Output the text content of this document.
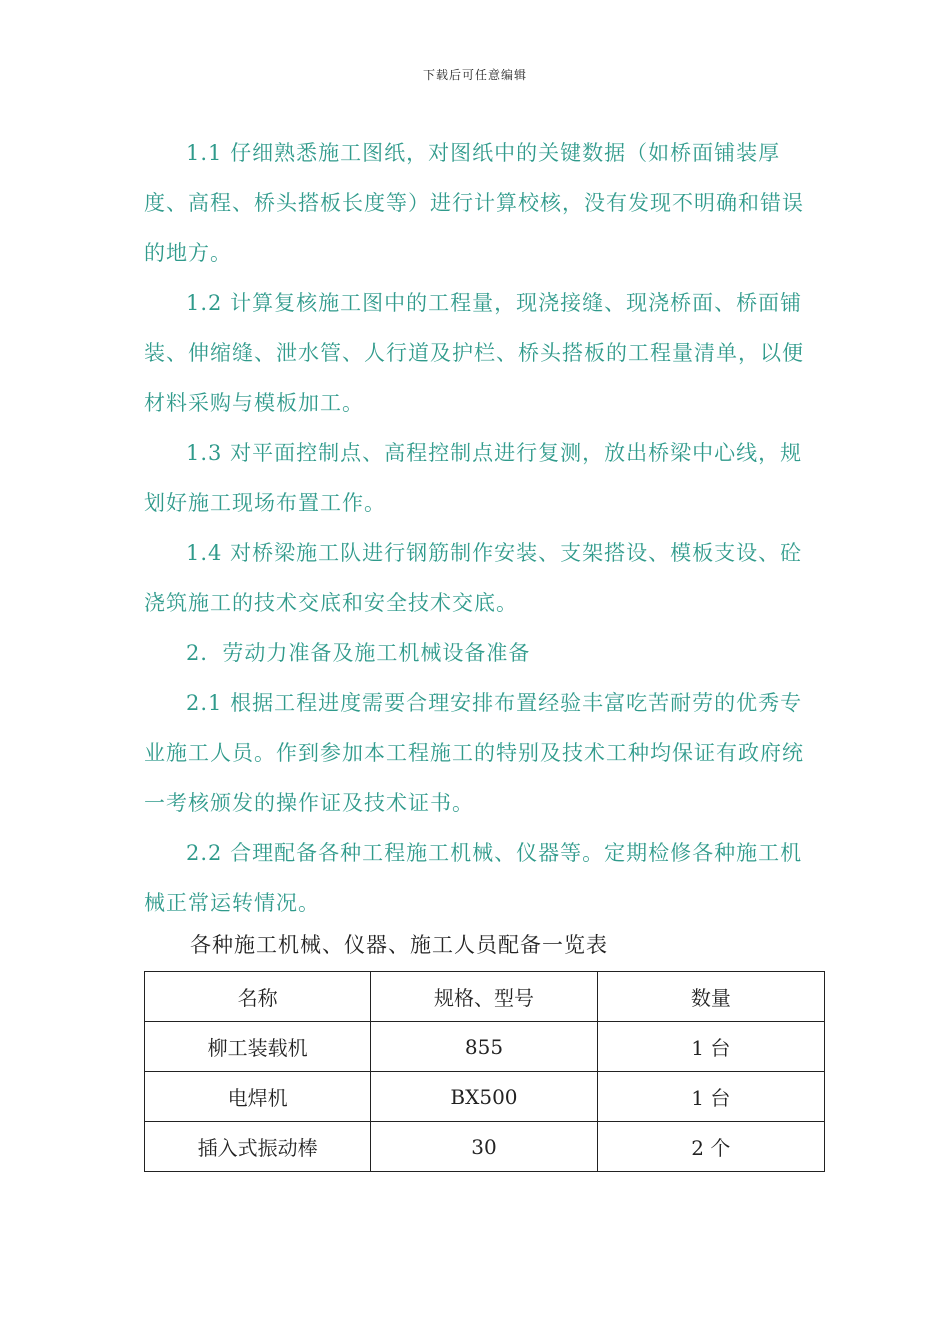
下载后可任意编辑

1.1 仔细熟悉施工图纸，对图纸中的关键数据（如桥面铺装厚度、高程、桥头搭板长度等）进行计算校核，没有发现不明确和错误的地方。

1.2 计算复核施工图中的工程量，现浇接缝、现浇桥面、桥面铺装、伸缩缝、泄水管、人行道及护栏、桥头搭板的工程量清单，以便材料采购与模板加工。

1.3 对平面控制点、高程控制点进行复测，放出桥梁中心线，规划好施工现场布置工作。

1.4 对桥梁施工队进行钢筋制作安装、支架搭设、模板支设、砼浇筑施工的技术交底和安全技术交底。

2．劳动力准备及施工机械设备准备

2.1 根据工程进度需要合理安排布置经验丰富吃苦耐劳的优秀专业施工人员。作到参加本工程施工的特别及技术工种均保证有政府统一考核颁发的操作证及技术证书。

2.2 合理配备各种工程施工机械、仪器等。定期检修各种施工机械正常运转情况。

各种施工机械、仪器、施工人员配备一览表
名称	规格、型号	数量
柳工装载机	855	1 台
电焊机	BX500	1 台
插入式振动棒	30	2 个
